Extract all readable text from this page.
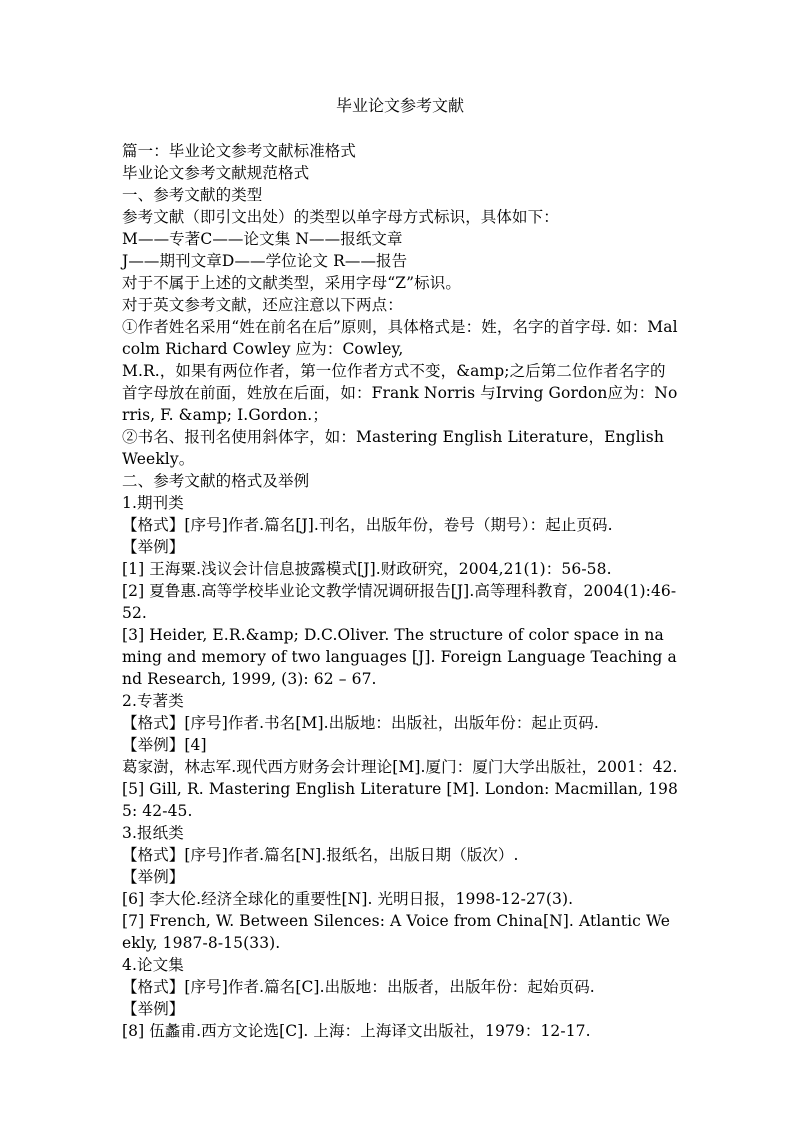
毕业论文参考文献
篇一：毕业论文参考文献标准格式
毕业论文参考文献规范格式
一、参考文献的类型
参考文献（即引文出处）的类型以单字母方式标识，具体如下：
M——专著C——论文集 N——报纸文章
J——期刊文章D——学位论文 R——报告
对于不属于上述的文献类型，采用字母“Z”标识。
对于英文参考文献，还应注意以下两点：
①作者姓名采用“姓在前名在后”原则，具体格式是：姓，名字的首字母. 如：Malcolm Richard Cowley 应为：Cowley,
M.R.，如果有两位作者，第一位作者方式不变，&amp;之后第二位作者名字的首字母放在前面，姓放在后面，如：Frank Norris 与Irving Gordon应为：Norris, F. &amp; I.Gordon.；
②书名、报刊名使用斜体字，如：Mastering English Literature，English Weekly。
二、参考文献的格式及举例
1.期刊类
【格式】[序号]作者.篇名[J].刊名，出版年份，卷号（期号）：起止页码.
【举例】
[1] 王海粟.浅议会计信息披露模式[J].财政研究，2004,21(1)：56-58.
[2] 夏鲁惠.高等学校毕业论文教学情况调研报告[J].高等理科教育，2004(1):46-52.
[3] Heider, E.R.&amp; D.C.Oliver. The structure of color space in naming and memory of two languages [J]. Foreign Language Teaching and Research, 1999, (3): 62 – 67.
2.专著类
【格式】[序号]作者.书名[M].出版地：出版社，出版年份：起止页码.
【举例】[4]
葛家澍，林志军.现代西方财务会计理论[M].厦门：厦门大学出版社，2001：42.
[5] Gill, R. Mastering English Literature [M]. London: Macmillan, 1985: 42-45.
3.报纸类
【格式】[序号]作者.篇名[N].报纸名，出版日期（版次）.
【举例】
[6] 李大伦.经济全球化的重要性[N]. 光明日报，1998-12-27(3).
[7] French, W. Between Silences: A Voice from China[N]. Atlantic Weekly, 1987-8-15(33).
4.论文集
【格式】[序号]作者.篇名[C].出版地：出版者，出版年份：起始页码.
【举例】
[8] 伍蠡甫.西方文论选[C]. 上海：上海译文出版社，1979：12-17.
